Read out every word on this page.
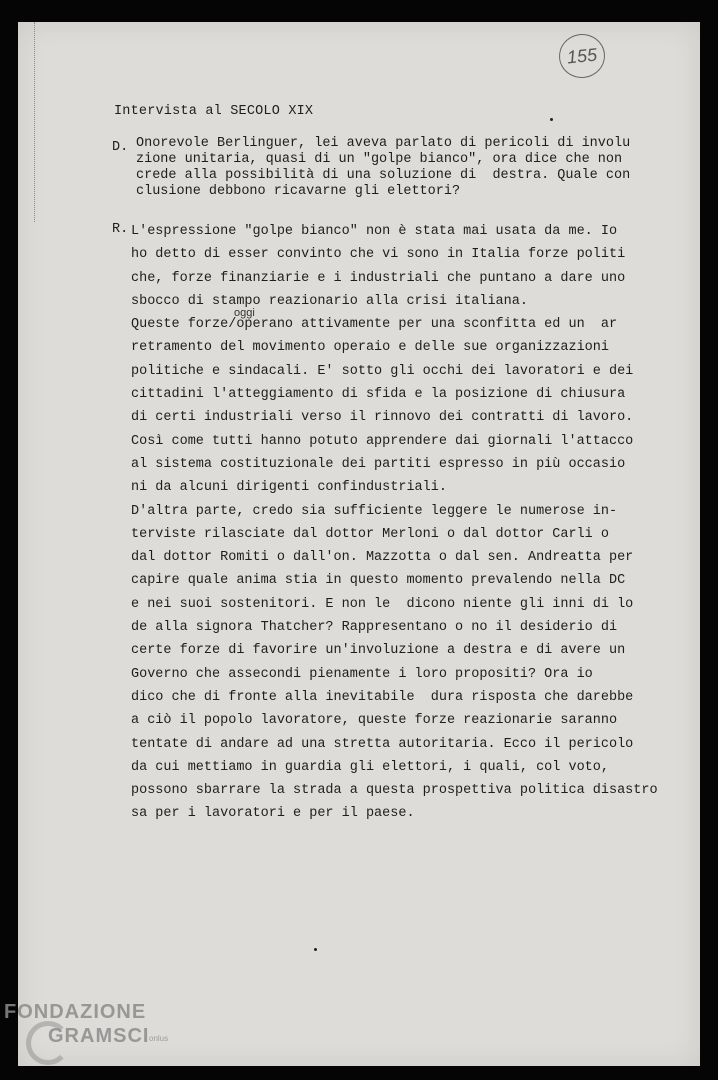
155
Intervista al SECOLO XIX
D. Onorevole Berlinguer, lei aveva parlato di pericoli di involu
zione unitaria, quasi di un "golpe bianco", ora dice che non
crede alla possibilità di una soluzione di  destra. Quale con
clusione debbono ricavarne gli elettori?
R.
oggi
L'espressione "golpe bianco" non è stata mai usata da me. Io
ho detto di esser convinto che vi sono in Italia forze politi
che, forze finanziarie e i industriali che puntano a dare uno
sbocco di stampo reazionario alla crisi italiana.
Queste forze/operano attivamente per una sconfitta ed un  ar
retramento del movimento operaio e delle sue organizzazioni
politiche e sindacali. E' sotto gli occhi dei lavoratori e dei
cittadini l'atteggiamento di sfida e la posizione di chiusura
di certi industriali verso il rinnovo dei contratti di lavoro.
Così come tutti hanno potuto apprendere dai giornali l'attacco
al sistema costituzionale dei partiti espresso in più occasio
ni da alcuni dirigenti confindustriali.
D'altra parte, credo sia sufficiente leggere le numerose in-
terviste rilasciate dal dottor Merloni o dal dottor Carli o
dal dottor Romiti o dall'on. Mazzotta o dal sen. Andreatta per
capire quale anima stia in questo momento prevalendo nella DC
e nei suoi sostenitori. E non le  dicono niente gli inni di lo
de alla signora Thatcher? Rappresentano o no il desiderio di
certe forze di favorire un'involuzione a destra e di avere un
Governo che assecondi pienamente i loro propositi? Ora io
dico che di fronte alla inevitabile  dura risposta che darebbe
a ciò il popolo lavoratore, queste forze reazionarie saranno
tentate di andare ad una stretta autoritaria. Ecco il pericolo
da cui mettiamo in guardia gli elettori, i quali, col voto,
possono sbarrare la strada a questa prospettiva politica disastro
sa per i lavoratori e per il paese.
FONDAZIONE
GRAMSCI onlus
